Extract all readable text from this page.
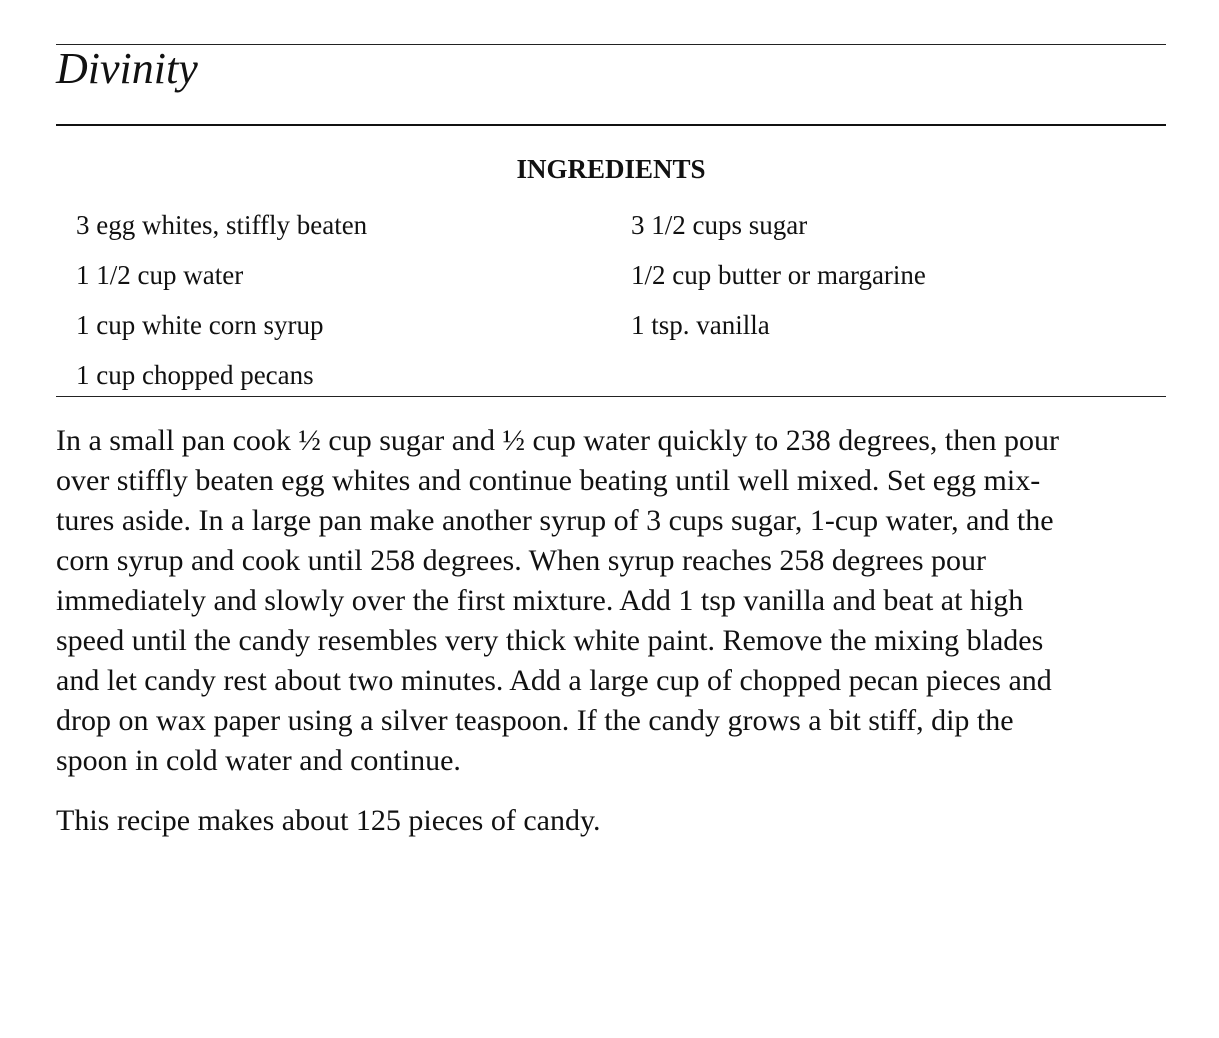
Divinity
INGREDIENTS
3 egg whites, stiffly beaten
1 1/2 cup water
1 cup white corn syrup
1 cup chopped pecans
3 1/2 cups sugar
1/2 cup butter or margarine
1 tsp. vanilla

In a small pan cook ½ cup sugar and ½ cup water quickly to 238 degrees, then pour
over stiffly beaten egg whites and continue beating until well mixed. Set egg mix-
tures aside. In a large pan make another syrup of 3 cups sugar, 1-cup water, and the
corn syrup and cook until 258 degrees. When syrup reaches 258 degrees pour
immediately and slowly over the first mixture. Add 1 tsp vanilla and beat at high
speed until the candy resembles very thick white paint. Remove the mixing blades
and let candy rest about two minutes. Add a large cup of chopped pecan pieces and
drop on wax paper using a silver teaspoon. If the candy grows a bit stiff, dip the
spoon in cold water and continue.

This recipe makes about 125 pieces of candy.
